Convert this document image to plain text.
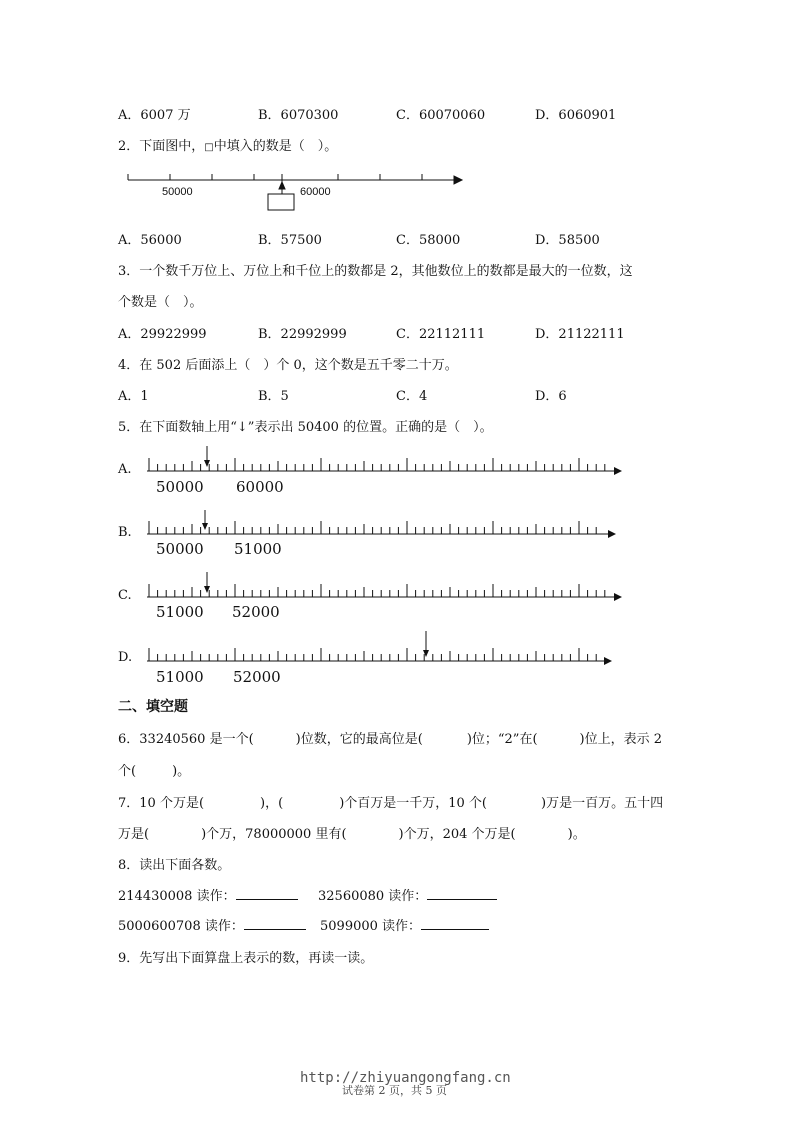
A．6007 万	B．6070300	C．60070060	D．6060901
2．下面图中，□中填入的数是（　）。
50000	60000
A．56000	B．57500	C．58000	D．58500
3．一个数千万位上、万位上和千位上的数都是 2，其他数位上的数都是最大的一位数，这
个数是（　）。
A．29922999	B．22992999	C．22112111	D．21122111
4．在 502 后面添上（　）个 0，这个数是五千零二十万。
A．1	B．5	C．4	D．6
5．在下面数轴上用“↓”表示出 50400 的位置。正确的是（　）。
A.
50000 60000
B.
50000 51000
C.
51000 52000
D.
51000 52000
二、填空题
6．33240560 是一个(	)位数，它的最高位是(	)位；“2”在(	)位上，表示 2
个(	)。
7．10 个万是(	)，(	)个百万是一千万，10 个(	)万是一百万。五十四
万是(	)个万，78000000 里有(	)个万，204 个万是(	)。
8．读出下面各数。
214430008 读作：	32560080 读作：
5000600708 读作：	5099000 读作：
9．先写出下面算盘上表示的数，再读一读。
试卷第 2 页，共 5 页
http://zhiyuangongfang.cn
